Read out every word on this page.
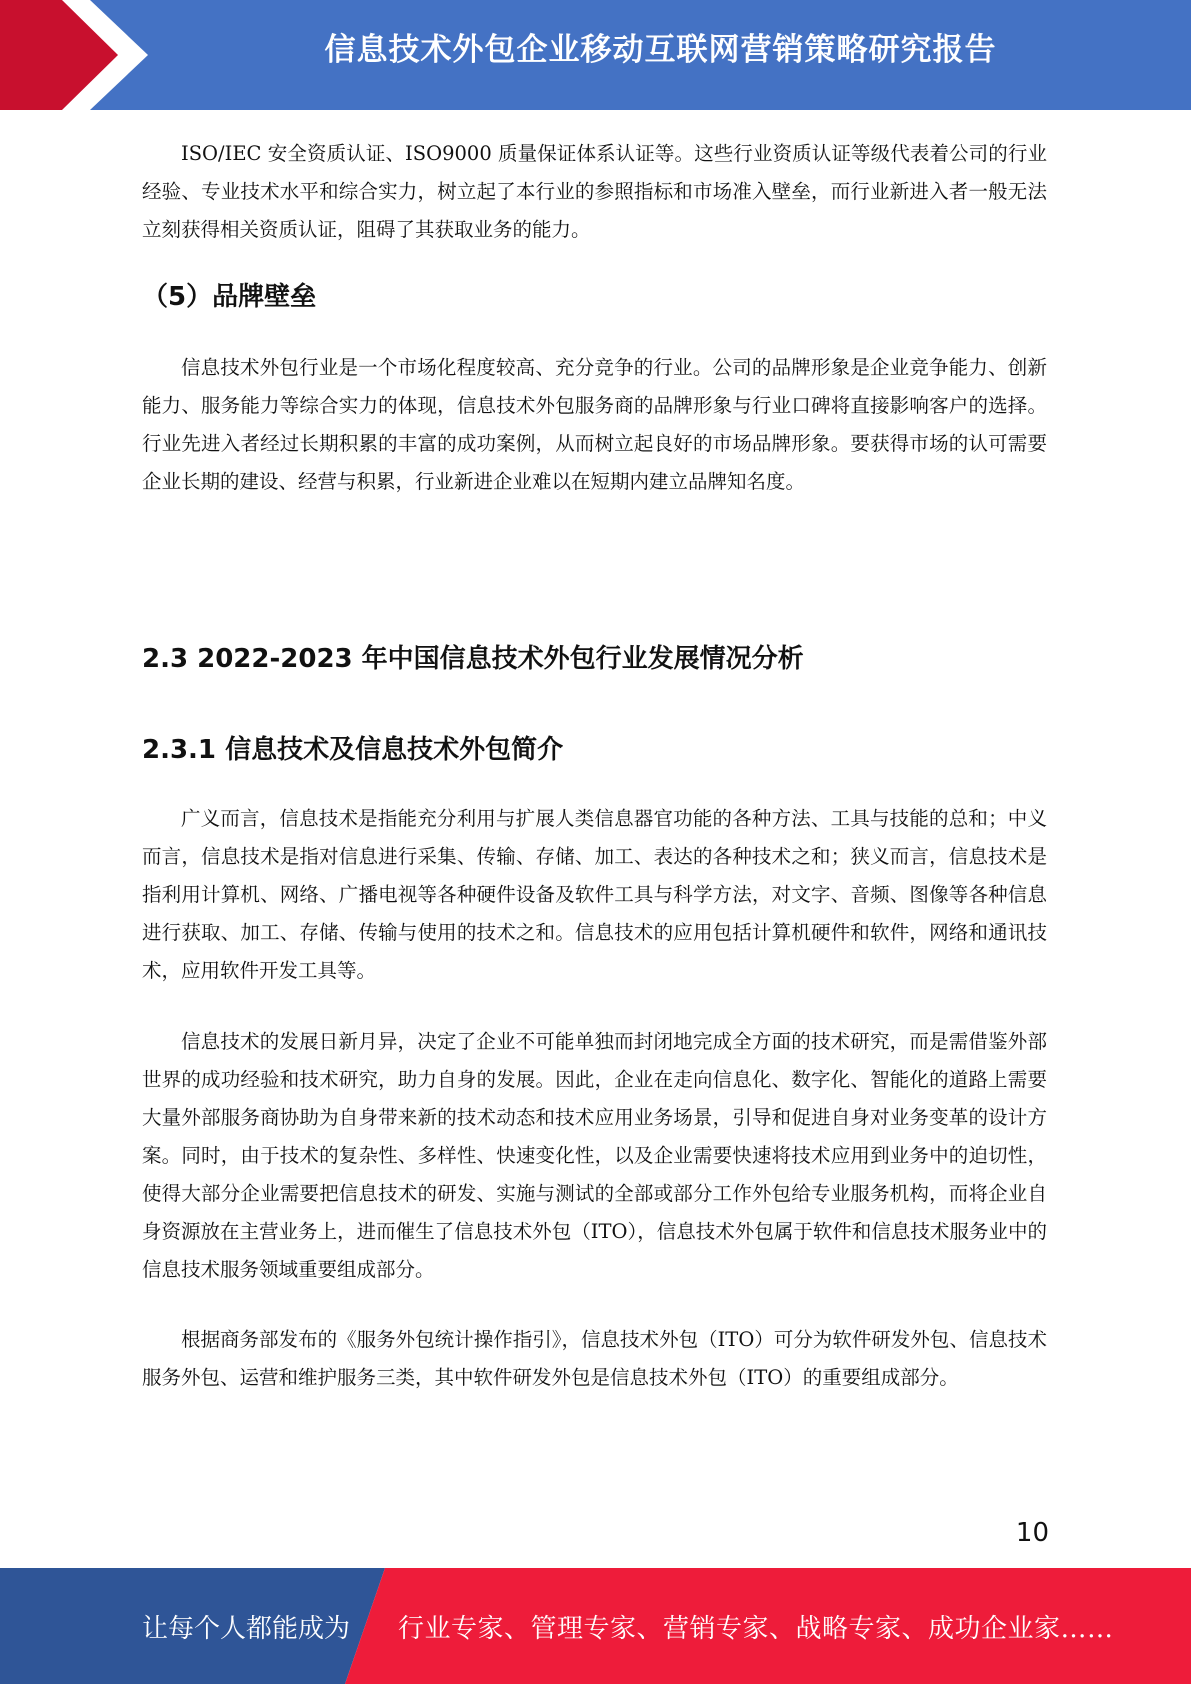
信息技术外包企业移动互联网营销策略研究报告

ISO/IEC 安全资质认证、ISO9000 质量保证体系认证等。这些行业资质认证等级代表着公司的行业经验、专业技术水平和综合实力，树立起了本行业的参照指标和市场准入壁垒，而行业新进入者一般无法立刻获得相关资质认证，阻碍了其获取业务的能力。

（5）品牌壁垒

信息技术外包行业是一个市场化程度较高、充分竞争的行业。公司的品牌形象是企业竞争能力、创新能力、服务能力等综合实力的体现，信息技术外包服务商的品牌形象与行业口碑将直接影响客户的选择。行业先进入者经过长期积累的丰富的成功案例，从而树立起良好的市场品牌形象。要获得市场的认可需要企业长期的建设、经营与积累，行业新进企业难以在短期内建立品牌知名度。

2.3 2022-2023 年中国信息技术外包行业发展情况分析
2.3.1 信息技术及信息技术外包简介

广义而言，信息技术是指能充分利用与扩展人类信息器官功能的各种方法、工具与技能的总和；中义而言，信息技术是指对信息进行采集、传输、存储、加工、表达的各种技术之和；狭义而言，信息技术是指利用计算机、网络、广播电视等各种硬件设备及软件工具与科学方法，对文字、音频、图像等各种信息进行获取、加工、存储、传输与使用的技术之和。信息技术的应用包括计算机硬件和软件，网络和通讯技术，应用软件开发工具等。

信息技术的发展日新月异，决定了企业不可能单独而封闭地完成全方面的技术研究，而是需借鉴外部世界的成功经验和技术研究，助力自身的发展。因此，企业在走向信息化、数字化、智能化的道路上需要大量外部服务商协助为自身带来新的技术动态和技术应用业务场景，引导和促进自身对业务变革的设计方案。同时，由于技术的复杂性、多样性、快速变化性，以及企业需要快速将技术应用到业务中的迫切性，使得大部分企业需要把信息技术的研发、实施与测试的全部或部分工作外包给专业服务机构，而将企业自身资源放在主营业务上，进而催生了信息技术外包（ITO），信息技术外包属于软件和信息技术服务业中的信息技术服务领域重要组成部分。

根据商务部发布的《服务外包统计操作指引》，信息技术外包（ITO）可分为软件研发外包、信息技术服务外包、运营和维护服务三类，其中软件研发外包是信息技术外包（ITO）的重要组成部分。

10
让每个人都能成为 行业专家、管理专家、营销专家、战略专家、成功企业家……
